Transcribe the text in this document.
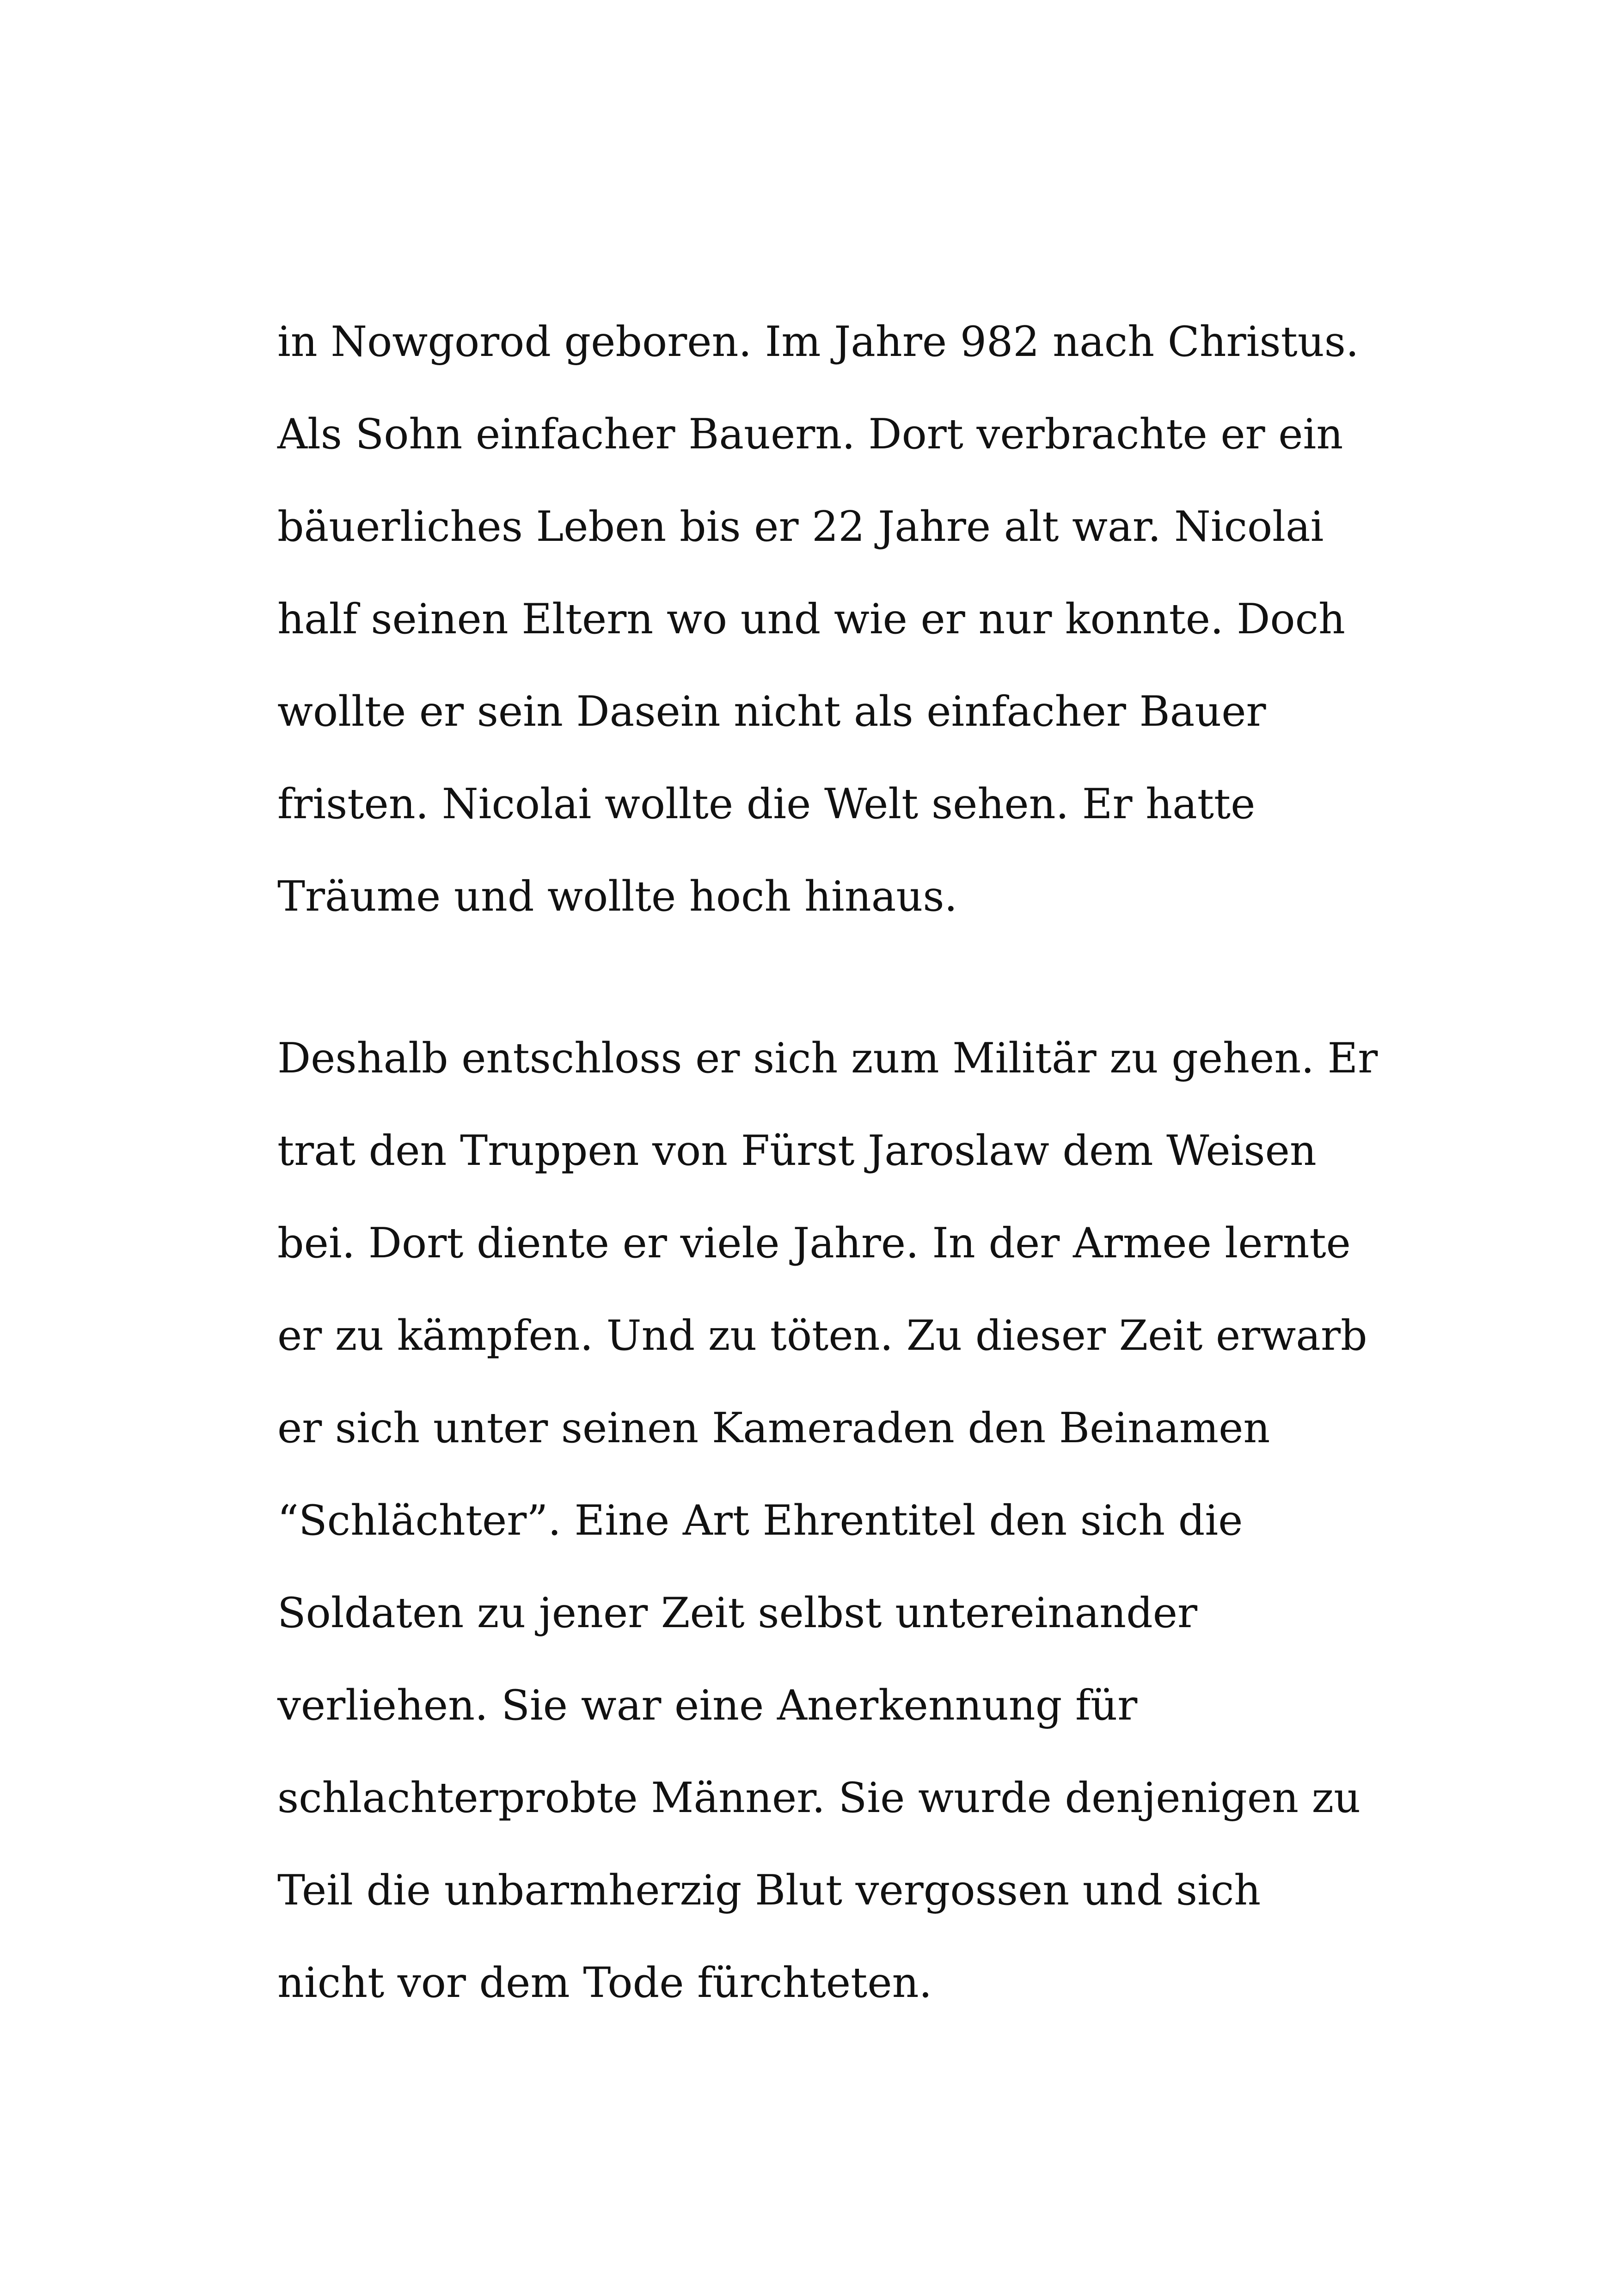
in Nowgorod geboren. Im Jahre 982 nach Christus.
Als Sohn einfacher Bauern. Dort verbrachte er ein
bäuerliches Leben bis er 22 Jahre alt war. Nicolai
half seinen Eltern wo und wie er nur konnte. Doch
wollte er sein Dasein nicht als einfacher Bauer
fristen. Nicolai wollte die Welt sehen. Er hatte
Träume und wollte hoch hinaus.

Deshalb entschloss er sich zum Militär zu gehen. Er
trat den Truppen von Fürst Jaroslaw dem Weisen
bei. Dort diente er viele Jahre. In der Armee lernte
er zu kämpfen. Und zu töten. Zu dieser Zeit erwarb
er sich unter seinen Kameraden den Beinamen
“Schlächter”. Eine Art Ehrentitel den sich die
Soldaten zu jener Zeit selbst untereinander
verliehen. Sie war eine Anerkennung für
schlachterprobte Männer. Sie wurde denjenigen zu
Teil die unbarmherzig Blut vergossen und sich
nicht vor dem Tode fürchteten.
